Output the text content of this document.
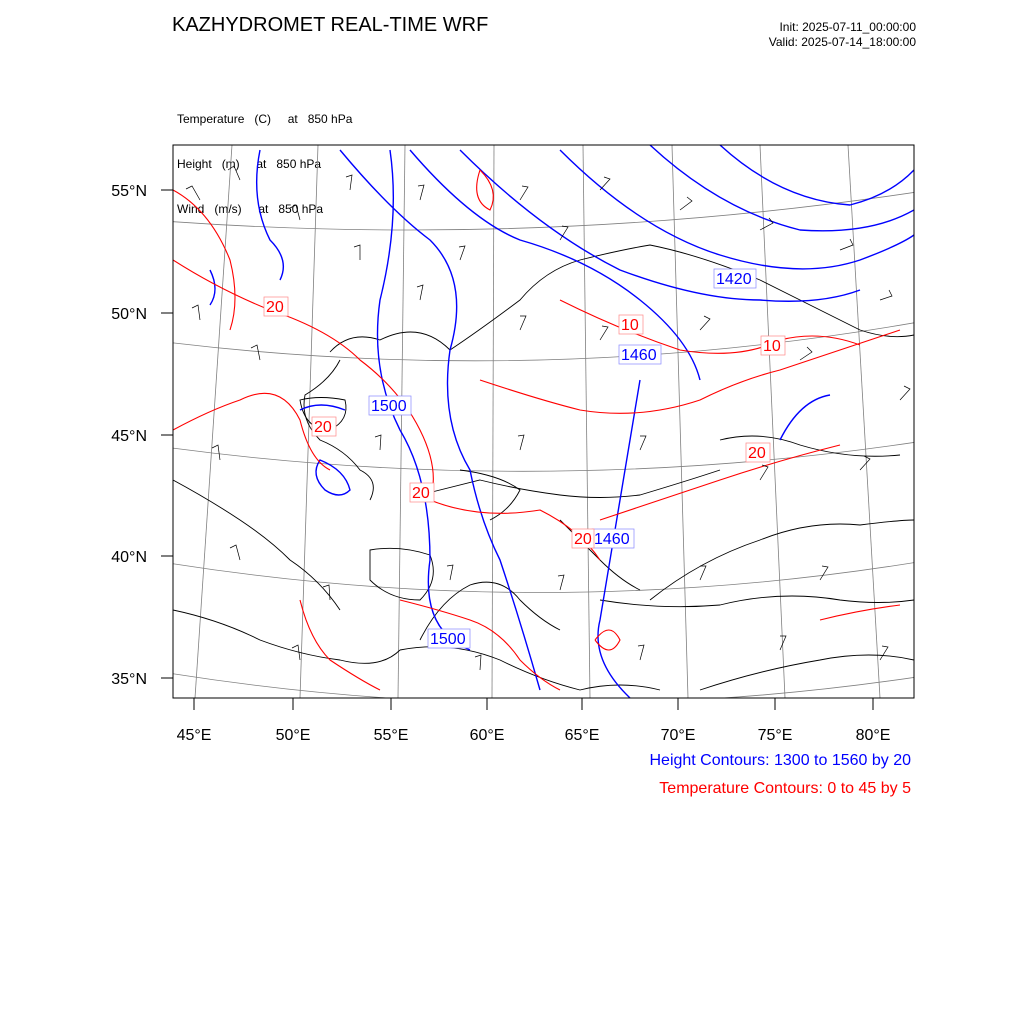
KAZHYDROMET REAL-TIME WRF	Init: 2025-07-11_00:00:00
Valid: 2025-07-14_18:00:00

Temperature   (C)     at   850 hPa

Height   (m)     at   850 hPa

Wind   (m/s)     at   850 hPa

1420
1460
1500
1460
1500
20
10
10
20
20
20
20
55°N
50°N
45°N
40°N
35°N
45°E	50°E	55°E	60°E	65°E	70°E	75°E	80°E
Height Contours: 1300 to 1560 by 20
Temperature Contours: 0 to 45 by 5
